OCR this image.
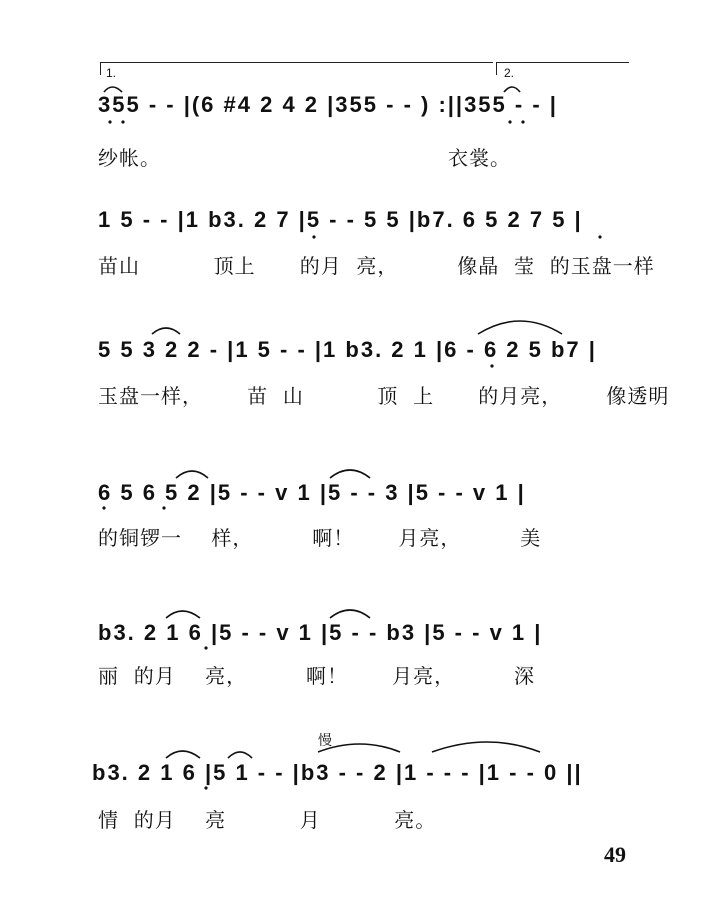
1.	2.
355 - - |(6 #4 2 4 2 |355 - - ) :||355 - - |
纱帐。                                       衣裳。
1 5 - - |1 b3. 2 7 |5 - - 5 5 |b7. 6 5 2 7 5 |
苗山          顶上      的月  亮，        像晶  莹  的玉盘一样
5 5 3 2 2 - |1 5 - - |1 b3. 2 1 |6 - 6 2 5 b7 |
玉盘一样，      苗  山          顶  上      的月亮，      像透明
6 5 6 5 2 |5 - - v 1 |5 - - 3 |5 - - v 1 |
的铜锣一    样，        啊！      月亮，        美
b3. 2 1 6 |5 - - v 1 |5 - - b3 |5 - - v 1 |
丽  的月    亮，        啊！      月亮，        深
慢
b3. 2 1 6 |5 1 - - |b3 - - 2 |1 - - - |1 - - 0 ||
情  的月    亮          月          亮。
49
